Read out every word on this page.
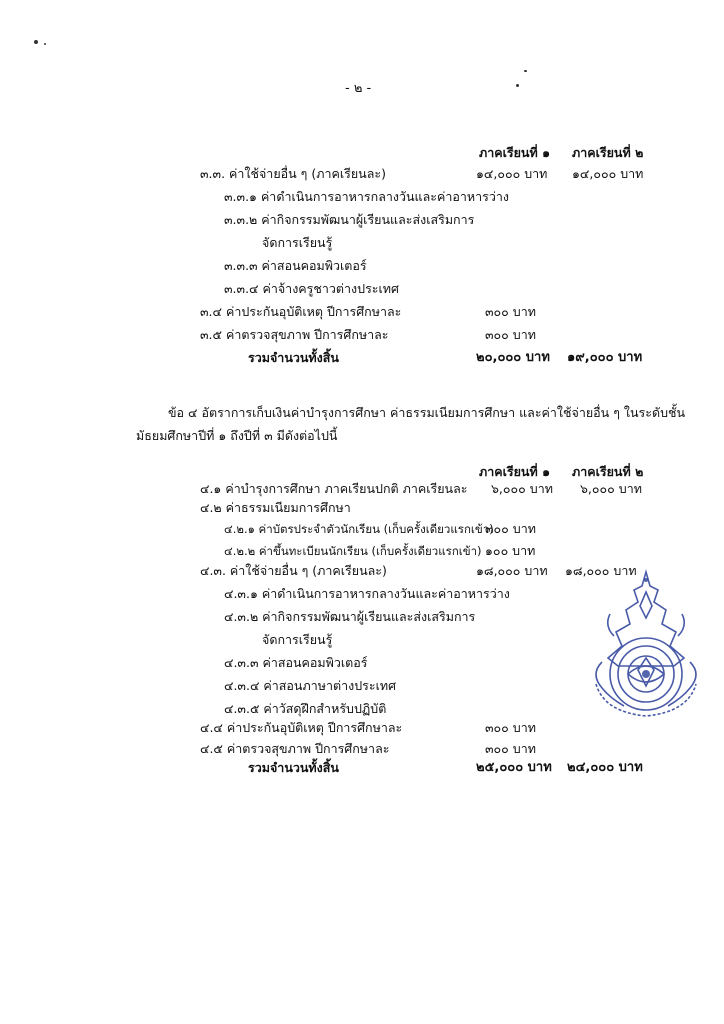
- ๒ -
ภาคเรียนที่ ๑ ภาคเรียนที่ ๒
๓.๓. ค่าใช้จ่ายอื่น ๆ (ภาคเรียนละ)	๑๔,๐๐๐ บาท ๑๔,๐๐๐ บาท
๓.๓.๑ ค่าดำเนินการอาหารกลางวันและค่าอาหารว่าง
๓.๓.๒ ค่ากิจกรรมพัฒนาผู้เรียนและส่งเสริมการ
จัดการเรียนรู้
๓.๓.๓ ค่าสอนคอมพิวเตอร์
๓.๓.๔ ค่าจ้างครูชาวต่างประเทศ
๓.๔ ค่าประกันอุบัติเหตุ ปีการศึกษาละ	๓๐๐ บาท
๓.๕ ค่าตรวจสุขภาพ ปีการศึกษาละ	๓๐๐ บาท
รวมจำนวนทั้งสิ้น	๒๐,๐๐๐ บาท ๑๙,๐๐๐ บาท
ข้อ ๔ อัตราการเก็บเงินค่าบำรุงการศึกษา ค่าธรรมเนียมการศึกษา และค่าใช้จ่ายอื่น ๆ ในระดับชั้น
มัธยมศึกษาปีที่ ๑ ถึงปีที่ ๓ มีดังต่อไปนี้
ภาคเรียนที่ ๑ ภาคเรียนที่ ๒
๔.๑ ค่าบำรุงการศึกษา ภาคเรียนปกติ ภาคเรียนละ ๖,๐๐๐ บาท ๖,๐๐๐ บาท
๔.๒ ค่าธรรมเนียมการศึกษา
๔.๒.๑ ค่าบัตรประจำตัวนักเรียน (เก็บครั้งเดียวแรกเข้า)
๓๐๐ บาท
๔.๒.๒ ค่าขึ้นทะเบียนนักเรียน (เก็บครั้งเดียวแรกเข้า) ๑๐๐ บาท
๔.๓. ค่าใช้จ่ายอื่น ๆ (ภาคเรียนละ)	๑๘,๐๐๐ บาท ๑๘,๐๐๐ บาท
๔.๓.๑ ค่าดำเนินการอาหารกลางวันและค่าอาหารว่าง
๔.๓.๒ ค่ากิจกรรมพัฒนาผู้เรียนและส่งเสริมการ
จัดการเรียนรู้
๔.๓.๓ ค่าสอนคอมพิวเตอร์
๔.๓.๔ ค่าสอนภาษาต่างประเทศ
๔.๓.๕ ค่าวัสดุฝึกสำหรับปฏิบัติ
๔.๔ ค่าประกันอุบัติเหตุ ปีการศึกษาละ	๓๐๐ บาท
๔.๕ ค่าตรวจสุขภาพ ปีการศึกษาละ	๓๐๐ บาท
รวมจำนวนทั้งสิ้น	๒๕,๐๐๐ บาท ๒๔,๐๐๐ บาท
